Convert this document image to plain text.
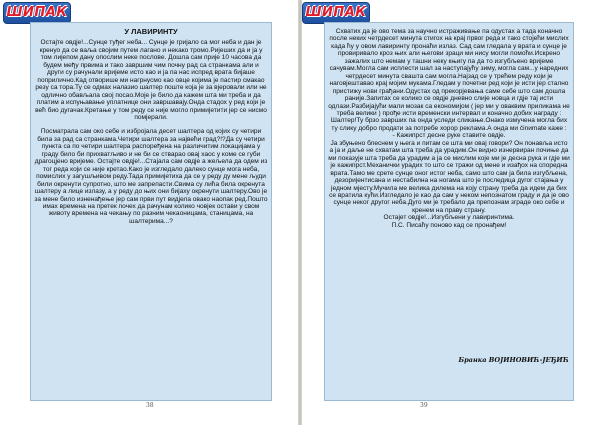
ШИПАК

У ЛАВИРИНТУ

Остајте овдје!...Сунце туђег неба... Сунце је гријало са мог неба и дан је кренуо да се ваља својим путем лагано и некако тромо.Ријеших да и ја у том лијепом дану опослим неке послове. Дошла сам прије 10 часова да будем међу првима и тако завршим чим почну рад са странкама али и други су рачунали вријеме исто као и ја па нас испред врата бијаше поприлично.Кад отворише ми нагрнусмо као овце којима је пастир смакао резу са тора.Ту се одмах налазио шалтер поште која је за вјеровали или не одлично обављала свој посао.Моје је било да кажем шта ми треба и да платим а испуњавање уплатнице они завршавају.Онда стадох у ред који је већ био дугачак.Кретање у том реду се није могло примијетити јер се нисмо помјерали.

Посматрала сам око себе и избројала десет шалтера од којих су четири била за рад са странкама.Четири шалтера за највећи град?!?Да су четири пункта са по четири шалтера распоређена на различитим локацијама у граду било би прихватљиво и не би се стварао овај хаос у коме се губи драгоцјено вријеме. Остајте овдје!...Стајала сам овдје а жељела да одем из тог реда који се није кретао.Како је изгледало далеко сунце мога неба, помислих у загушљивом реду.Тада примијетиха да се у реду ду мене људи били окренути супротно, што ме запрепасти.Свима су лића била окренута шалтеру а лице излазу, а у реду до њих они бијаху окренути шалтеру.Ово је за мене било изненађење јер сам први пут видјела овако наопак ред.Пошто имах времена на претек почех да рачунам колико човјек остави у свом животу времена на чекању по разним чекаоницама, станицама, на шалтерима...?

38
ШИПАК

Схватих да је ово тема за научно истраживање па одустах а тада коначно после неких четрдесет минута стигох на крај првог реда и тако стојећи мислих када ћу у овом лавиринту пронаћи излаз. Сад сам гледала у врата и сунце је провиривало кроз њих али његови зраци ми нису могли помоћи.Искрено зажалих што немам у ташни неку књигу па да то изгубљено вријеме сачувам.Могла сам исплести шал за наступајућу зиму, могла сам...у наредних четрдесет минута свашта сам могла.Најзад се у трећем реду који је наговјештавао крај мојим мукама.Гледам у почетни ред који је исти јер стално пристижу нови грађани.Одустах од прекорјевања саме себе што сам дошла раније.Запитах се колико се овдје дневно слије новца и гдје тај исти одлази.Разбијајући мали мозак са економијом ( јер ми у оваквим приликама не треба велики ) прође исти временски интервал и коначно добих награду : Шалтер!Ту брзо заврших па онда уследи сликање.Онако измучена могла бих ту слику добро продати за потребе хорор реклама.А онда ми činиmate каже :

- Кажипрст десне руке ставите овдје.

Ја збуњено блеснем у њега и питам се шта ми овај говори? Он понавља исто а ја и даље не схватам шта треба да урадим.Он видно изнервиран почиње да ми показује шта треба да урадим а ја се мислим које ми је десна рука и гдје ми је кажипрст.Механички урадих то што се тражи од мене и изађох на споредна врата.Тамо ме срете сунце оног истог неба, само што сам ја била изгубљена, дезоријентисана и нестабилна на ногама што је последица дугог стајања у једном мјесту.Мучила ме велика дилема на коју страну треба да идем да бих се вратила кући.Изгледало је као да сам у неком непознатом граду и да је ово сунце неког другог неба.Дуго ми је требало да препознам зграде око себе и кренем на праву страну.

Остајет овдје!...Изгубљени у лавиринтима.

П.С. Писаћу поново кад се пронађем!

Бранка ВОЈИНОВИЋ-ЈЕЂИЋ
39
